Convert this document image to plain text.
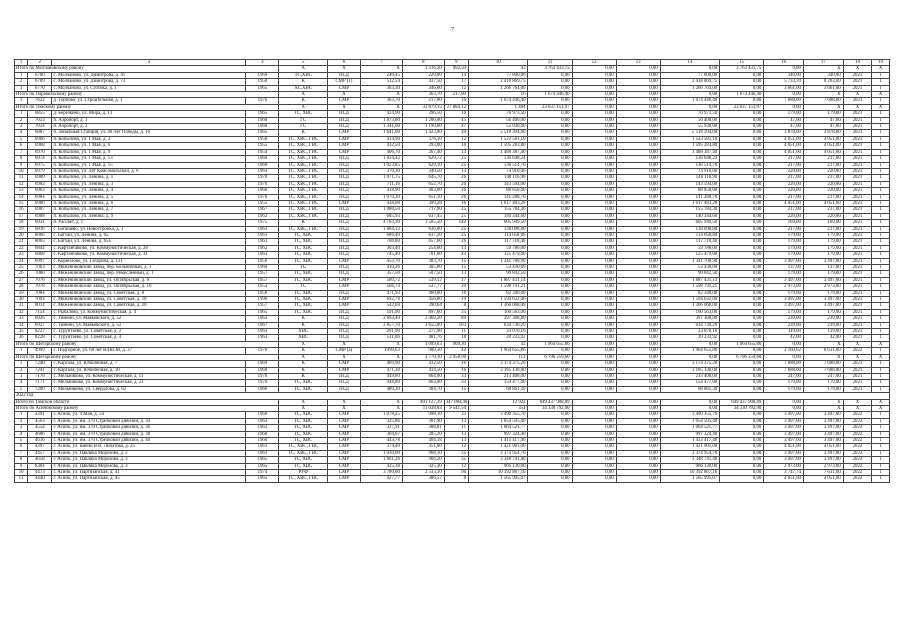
7
1	2	3	4	5	6	7	8	9	10	11	12	13	14	15	16	17	18	19
Итого по Молчановскому району				Х	Х	Х	1 116,20	992,50	43	3 763 433,75	0,00	0,00	0,00	3 763 433,75	0,00	Х	Х	Х
1	6780	с. Молчаново, ул. Димитрова, д. 41	1969	ТС,ХВС	ПСД	240,45	220,00	14	77 800,00	0,00	0,00	0,00	77 800,00	0,00	340,00	340,00	2021	1
2	6789	с. Молчаново, ул. Димитрова, д. 73	1958	К	СМР (1)	512,54	437,50	17	2 418 869,75	0,00	0,00	0,00	2 418 869,75	0,00	5 733,70	8 203,00	2021	1
3	6770	с. Молчаново, ул. Стотика, д. 1	1965	ХС,ХВС	СМР	363,30	346,00	12	1 266 764,00	0,00	0,00	0,00	1 266 764,00	0,00	3 661,00	3 661,00	2021	1
Итого по Парабельскому району				Х	Х	Х	363,70	217,80	16	1 674 446,40	0,00	0,00	0,00	1 674 446,40	0,00	Х	Х	Х
1	7622	д. Торбово, ул. Строительная, д. 1	1976	К	СМР	363,70	217,80	16	1 674 446,40	0,00	0,00	0,00	1 674 446,40	0,00	7 688,00	7 688,00	2021	1
Итого по Томскому району				Х	Х	Х	33 879,15	27 884,12	1 484	23 037 151,97	0,00	0,00	0,00	23 037 151,97	0,00	Х	Х	Х
1	6855	д. Березкино, ул. Мира, д. 13	1965	ТС, ХВС	ПСД	424,90	396,50	16	70 973,50	0,00	0,00	0,00	70 973,50	0,00	179,00	179,00	2021	1
2	7023	п. Аэропорт, д. 1	1968	ГС	ПСД	1 873,00	1 200,00	45	56 400,00	0,00	0,00	0,00	56 400,00	0,00	47,00	47,00	2021	1
3	7024	п. Аэропорт, д. 2	1968	ГС	ПСД	1 341,00	1 190,00	47	55 930,00	0,00	0,00	0,00	55 930,00	0,00	47,00	47,00	2021	1
4	6887	п. Зональная Станция, ул. 40 Лет Победы, д. 16	1965	К	СМР	1 641,00	1 423,00	49	5 518 394,00	0,00	0,00	0,00	5 518 394,00	0,00	3 878,00	3 878,00	2021	1
5	6966	п. Копылово, ул. 1 Мая, д. 2	1958	ТС, ХВС, ГВС	СМР	414,90	376,10	12	1 523 581,10	0,00	0,00	0,00	1 523 581,10	0,00	4 051,00	4 051,00	2021	1
6	6968	п. Копылово, ул. 1 Мая, д. 6	1955	ТС, ХВС, ГВС	СМР	432,50	393,80	16	1 595 283,80	0,00	0,00	0,00	1 595 283,80	0,00	4 051,00	4 051,00	2021	1
7	6970	п. Копылово, ул. 1 Мая, д. 9	1954	ТС, ХВС, ГВС	СМР	406,70	267,40	13	1 488 387,40	0,00	0,00	0,00	1 488 387,40	0,00	4 051,00	4 051,00	2021	1
8	6974	п. Копылово, ул. 1 Мая, д. 13	1960	ТС, ХВС, ГВС	ПСД	1 024,42	629,72	25	136 648,24	0,00	0,00	0,00	136 648,24	0,00	217,00	217,00	2021	1
9	6975	п. Копылово, ул. 1 Мая, д. 15	1960	ТС, ХВС, ГВС	ПСД	1 023,85	629,10	25	136 514,70	0,00	0,00	0,00	136 514,70	0,00	217,00	217,00	2021	1
10	6979	п. Копылово, ул. Лет Комсомольской, д. 6	1963	ТС, ХВС, ГВС	ПСД	370,30	340,50	13	74 910,00	0,00	0,00	0,00	74 910,00	0,00	220,00	220,00	2021	1
11	6980	п. Копылово, ул. Ленина, д. 1	1970	ТС, ХВС, ГВС	ПСД	1 071,75	645,70	26	140 116,90	0,00	0,00	0,00	140 116,90	0,00	217,00	217,00	2021	1
12	6982	п. Копылово, ул. Ленина, д. 3	1970	ТС, ХВС, ГВС	ПСД	711,16	652,70	26	143 594,00	0,00	0,00	0,00	143 594,00	0,00	220,00	220,00	2021	1
13	6983	п. Копылово, ул. Ленина, д. 4	1960	ТС, ХВС, ГВС	ПСД	438,90	403,00	16	88 858,00	0,00	0,00	0,00	88 858,00	0,00	220,00	220,00	2021	1
14	6984	п. Копылово, ул. Ленина, д. 5	1970	ТС, ХВС, ГВС	ПСД	1 070,30	651,10	26	141 288,70	0,00	0,00	0,00	141 288,70	0,00	217,00	217,00	2021	1
15	6986	п. Копылово, ул. Ленина, д. 6	1955	ТС, ХВС, ГВС	СМР	438,08	399,28	16	1 617 483,28	0,00	0,00	0,00	1 617 483,28	0,00	4 051,00	4 051,00	2021	1
16	6987	п. Копылово, ул. Ленина, д. 7	1967	ТС, ХВС, ГВС	ПСД	1 080,50	717,90	25	155 784,30	0,00	0,00	0,00	155 784,30	0,00	217,00	217,00	2021	1
17	6988	п. Копылово, ул. Ленина, д. 9	1962	ТС, ХВС, ГВС	ПСД	685,93	637,45	25	140 344,60	0,00	0,00	0,00	140 344,60	0,00	220,00	220,00	2021	1
18	6931	п. Рассвет, д. 1	1975	К	ПСД	4 763,30	3 585,50	142	605 949,50	0,00	0,00	0,00	605 949,50	0,00	169,00	169,00	2021	1
19	6816	с. Богашево, ул. Новостройка, д. 1	1963	ТС, ХВС, ГВС	ПСД	1 084,13	636,00	25	138 098,80	0,00	0,00	0,00	138 098,80	0,00	217,00	217,00	2021	1
20	8066	с. Батхай, ул. Ленина, д. 65	1961	ТС, ХВС	ПСД	686,40	637,20	25	114 058,80	0,00	0,00	0,00	114 058,80	0,00	179,00	179,00	2021	1
21	8065	с. Батхай, ул. Ленина, д. 65а	1961	ТС, ХВС	ПСД	706,80	657,60	26	117 710,40	0,00	0,00	0,00	117 710,40	0,00	179,00	179,00	2021	1
22	6844	с. Кафтанчиково, ул. Коммунистическая, д. 28	1962	ТС, ХВС	ПСД	303,40	254,00	13	59 786,00	0,00	0,00	0,00	59 786,00	0,00	179,00	179,00	2021	1
23	6868	с. Кафтанчиково, ул. Коммунистическая, д. 31	1963	ТС, ХВС	ПСД	745,40	701,00	43	125 479,00	0,00	0,00	0,00	125 479,00	0,00	179,00	179,00	2021	1
24	6997	с. Корнилово, ул. Гагарина, д. 121	1950	ТС, ХВС	СМР	453,70	383,70	15	1 341 708,90	0,00	0,00	0,00	1 341 708,90	0,00	3 497,00	3 497,00	2021	1
25	7063	с. Межениновский Завод, пер. Больничный, д. 1	1960	ТС	ПСД	410,26	305,00	15	53 430,00	0,00	0,00	0,00	53 430,00	0,00	137,00	137,00	2021	1
26	7080	с. Межениновский Завод, пер. Ремесленный, д. 1	1957	ТС, ХВС	ПСД	357,50	507,50	13	90 842,50	0,00	0,00	0,00	90 842,50	0,00	179,00	179,00	2021	1
27	7076	с. Межениновский Завод, ул. Октябрьская, д. 8	1957	ТС, ХВС	СМР	580,72	539,12	17	1 887 431,14	0,00	0,00	0,00	1 887 431,14	0,00	3 497,00	3 497,00	2021	1
28	7078	с. Межениновский Завод, ул. Октябрьская, д. 16	1953	ТС	СМР	566,74	537,77	20	1 598 791,21	0,00	0,00	0,00	1 598 791,21	0,00	2 973,00	2 973,00	2021	1
29	7084	с. Межениновский Завод, ул. Советская, д. 8	1958	ТС, ХВС	ПСД	471,93	460,00	18	82 340,00	0,00	0,00	0,00	82 340,00	0,00	179,00	179,00	2021	1
30	7093	с. Межениновский Завод, ул. Советская, д. 18	1996	ТС, ХВС	СМР	692,78	456,00	19	1 594 632,00	0,00	0,00	0,00	1 594 632,00	0,00	3 497,00	3 497,00	2021	1
31	8014	с. Межениновский Завод, ул. Советская, д. 20	1957	ТС, ХВС	СМР	542,68	390,64	8	1 366 068,08	0,00	0,00	0,00	1 366 068,08	0,00	3 497,00	3 497,00	2021	1
32	7154	с. Рыбалово, ул. Коммунистическая, д. 4	1965	ТС, ХВС	ПСД	591,90	897,00	35	160 563,00	0,00	0,00	0,00	160 563,00	0,00	179,00	179,00	2021	1
33	6926	с. Тимени, ул. Маяковского, д. 52	1963	К	ПСД	2 693,40	2 469,20	89	397 308,80	0,00	0,00	0,00	397 308,80	0,00	239,00	239,00	2021	1
34	6927	с. Тимени, ул. Маяковского, д. 52	1967	К	ПСД	2 857,70	2 655,00	103	634 736,20	0,00	0,00	0,00	634 736,20	0,00	239,00	239,00	2021	1
35	8227	с. Турунтаево, ул. Советская, д. 2	1963	ХВС	ПСД	291,90	277,90	11	33 070,10	0,00	0,00	0,00	33 070,10	0,00	119,00	119,00	2021	1
36	8228	с. Турунтаево, ул. Советская, д. 4	1963	ХВС	ПСД	531,86	481,76	18	20 233,92	0,00	0,00	0,00	20 233,92	0,00	42,00	42,00	2021	1
Итого по Шегарскому району				Х	Х	Х	1 099,63	909,30	42	1 964 655,86	0,00	0,00	0,00	1 964 655,86	0,00	Х	Х	Х
1	4999	с. Подгорное, ул. 60 лет ВЛКСМ, д. 27	1978	К	СМР (а)	1099,63	909,30	42	1 964 655,86	0,00	0,00	0,00	1 964 655,86	0,00	2 160,62	8 631,00	2022	1
Итого по Шегарскому району				Х	Х	Х	3 770,10	2 958,90	113	6 796 259,60	0,00	0,00	0,00	6 796 259,60	0,00	Х	Х	Х
1	7240	с. Каргала, ул. Юбилейная, д. 7	1969	К	СМР	469,90	412,50	16	3 174 375,20	0,00	0,00	0,00	3 174 375,20	0,00	7 688,00	7 688,00	2021	1
2	7241	с. Каргала, ул. Юбилейная, д. 10	1969	К	СМР	471,30	414,50	16	3 185 138,00	0,00	0,00	0,00	3 185 138,00	0,00	7 688,00	7 688,00	2021	1
3	7170	с. Мельниково, ул. Коммунистическая, д. 11	1970	К	ПСД	949,80	864,00	33	213 408,00	0,00	0,00	0,00	213 408,00	0,00	247,00	247,00	2021	1
4	7171	с. Мельниково, ул. Коммунистическая, д. 21	1970	ТС, ХВС	ПСД	948,80	863,00	33	154 477,00	0,00	0,00	0,00	154 477,00	0,00	179,00	179,00	2021	1
5	7200	с. Мельниково, ул. Свердлова, д. 62	1966	ТС, ХВС	ПСД	480,30	384,70	15	68 861,30	0,00	0,00	0,00	68 861,30	0,00	179,00	179,00	2021	1
2022 год																		
Всего по Томской области				Х	Х	Х	401 127,39	347 084,40	12 922	849 437 908,89	0,00	0,00	0,00	849 437 908,89	0,00	Х	Х	Х
Итого по Асиновскому району				Х	Х	Х	11 038,03	9 541,50	354	34 330 792,90	0,00	0,00	0,00	34 330 792,90	0,00	Х	Х	Х
1	4391	г. Асино, ул. 9 Мая, д. 54	1966	ТС, ХВС	СМР	1 078,25	998,10	33	3 490 355,70	0,00	0,00	0,00	3 490 355,70	0,00	3 497,00	3 497,00	2022	1
2	4563	г. Асино, ул. им. 370 Стрелковой дивизии, д. 34	1962	ТС, ХВС	СМР	325,86	301,90	13	1 054 595,40	0,00	0,00	0,00	1 054 595,40	0,00	3 497,00	3 497,00	2022	1
3	4554	г. Асино, ул. им. 370 Стрелковой дивизии, д. 36	1962	ТС, ХВС	СМР	327,91	308,81	11	1 064 521,77	0,00	0,00	0,00	1 064 521,77	0,00	3 497,00	3 497,00	2022	1
4	4686	г. Асино, ул. им. 370 Стрелковой дивизии, д. 38	1960	ТС, ХВС	СМР	304,67	285,20	13	997 324,40	0,00	0,00	0,00	997 324,40	0,00	3 497,00	3 497,00	2022	1
5	4616	г. Асино, ул. им. 370 Стрелковой дивизии, д. 40	1960	ТС, ХВС	СМР	443,78	404,18	13	1 413 417,46	0,00	0,00	0,00	1 413 417,46	0,00	3 497,00	3 497,00	2022	1
6	4397	г. Асино, ул. имени В.В. Липатова, д. 25	1961	ТС, ХВС, ГВС	СМР	374,40	351,00	12	1 421 901,00	0,00	0,00	0,00	1 421 901,00	0,00	4 051,00	4 051,00	2022	1
7	4457	г. Асино, ул. Павлика Морозова, д. 2	1961	ТС, ХВС, ГВС	СМР	1 030,00	968,10	35	3 374 954,70	0,00	0,00	0,00	3 374 954,70	0,00	3 497,00	3 497,00	2022	1
8	4658	г. Асино, ул. Павлика Морозова, д. 3	1965	ТС, ХВС	СМР	1 061,26	966,20	35	3 348 741,40	0,00	0,00	0,00	3 348 741,40	0,00	3 497,00	3 497,00	2022	1
9	8384	г. Асино, ул. Павлика Морозова, д. 3	1965	ТС, ХВС	СМР	425,38	325,30	12	966 130,00	0,00	0,00	0,00	966 130,00	0,00	2 973,00	2 973,00	2022	1
10	4473	г. Асино, ул. Партизанская, д. 41	1974	РУФ	СМР	3 780,00	2 533,10	96	10 392 867,16	0,00	0,00	0,00	10 392 867,16	0,00	3 747,74	7 631,00	2022	1
11	4440	г. Асино, ул. Партизанская, д. 45	1965	ТС, ХВС, ГВС	СМР	427,77	386,57	8	1 565 995,07	0,00	0,00	0,00	1 565 995,07	0,00	4 051,00	4 051,00	2022	1
